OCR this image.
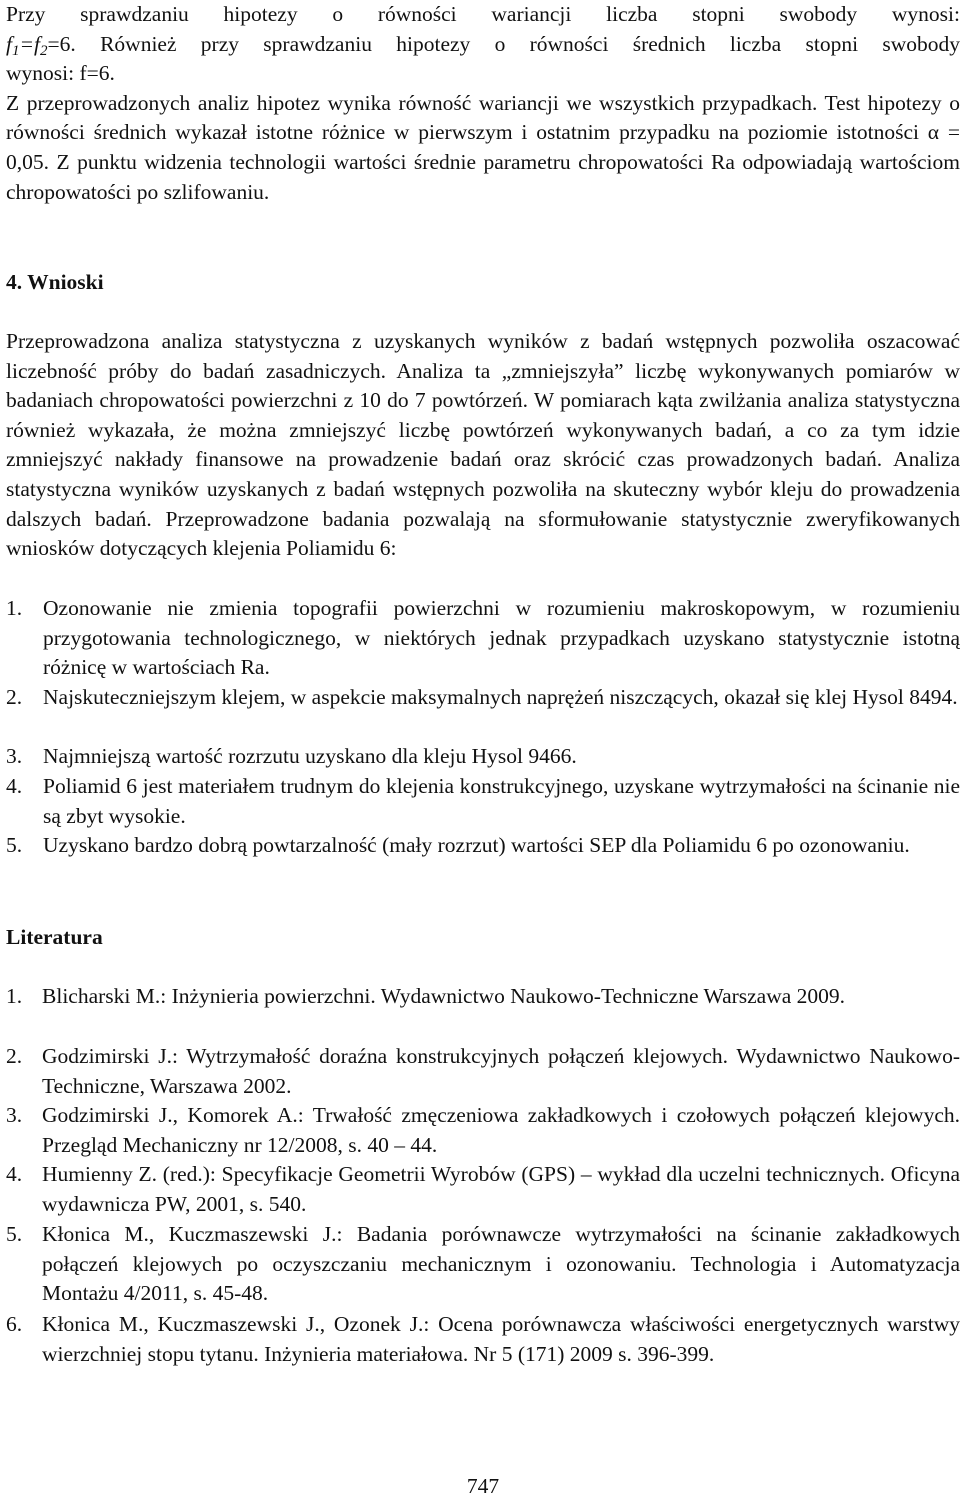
Przy sprawdzaniu hipotezy o równości wariancji liczba stopni swobody wynosi:

$f_1=f_2=6$. Również przy sprawdzaniu hipotezy o równości średnich liczba stopni swobody

wynosi: f=6.

Z przeprowadzonych analiz hipotez wynika równość wariancji we wszystkich przypadkach. Test hipotezy o równości średnich wykazał istotne różnice w pierwszym i ostatnim przypadku na poziomie istotności α = 0,05. Z punktu widzenia technologii wartości średnie parametru chropowatości Ra odpowiadają wartościom chropowatości po szlifowaniu.

4. Wnioski

Przeprowadzona analiza statystyczna z uzyskanych wyników z badań wstępnych pozwoliła oszacować liczebność próby do badań zasadniczych. Analiza ta „zmniejszyła” liczbę wykonywanych pomiarów w badaniach chropowatości powierzchni z 10 do 7 powtórzeń. W pomiarach kąta zwilżania analiza statystyczna również wykazała, że można zmniejszyć liczbę powtórzeń wykonywanych badań, a co za tym idzie zmniejszyć nakłady finansowe na prowadzenie badań oraz skrócić czas prowadzonych badań. Analiza statystyczna wyników uzyskanych z badań wstępnych pozwoliła na skuteczny wybór kleju do prowadzenia dalszych badań. Przeprowadzone badania pozwalają na sformułowanie statystycznie zweryfikowanych wniosków dotyczących klejenia Poliamidu 6:

1. Ozonowanie nie zmienia topografii powierzchni w rozumieniu makroskopowym, w rozumieniu przygotowania technologicznego, w niektórych jednak przypadkach uzyskano statystycznie istotną różnicę w wartościach Ra.

2. Najskuteczniejszym klejem, w aspekcie maksymalnych naprężeń niszczących, okazał się klej Hysol 8494.

3. Najmniejszą wartość rozrzutu uzyskano dla kleju Hysol 9466.

4. Poliamid 6 jest materiałem trudnym do klejenia konstrukcyjnego, uzyskane wytrzymałości na ścinanie nie są zbyt wysokie.

5. Uzyskano bardzo dobrą powtarzalność (mały rozrzut) wartości SEP dla Poliamidu 6 po ozonowaniu.

Literatura

1. Blicharski M.: Inżynieria powierzchni. Wydawnictwo Naukowo-Techniczne Warszawa 2009.

2. Godzimirski J.: Wytrzymałość doraźna konstrukcyjnych połączeń klejowych. Wydawnictwo Naukowo-Techniczne, Warszawa 2002.

3. Godzimirski J., Komorek A.: Trwałość zmęczeniowa zakładkowych i czołowych połączeń klejowych. Przegląd Mechaniczny nr 12/2008, s. 40 – 44.

4. Humienny Z. (red.): Specyfikacje Geometrii Wyrobów (GPS) – wykład dla uczelni technicznych. Oficyna wydawnicza PW, 2001, s. 540.

5. Kłonica M., Kuczmaszewski J.: Badania porównawcze wytrzymałości na ścinanie zakładkowych połączeń klejowych po oczyszczaniu mechanicznym i ozonowaniu. Technologia i Automatyzacja Montażu 4/2011, s. 45-48.

6. Kłonica M., Kuczmaszewski J., Ozonek J.: Ocena porównawcza właściwości energetycznych warstwy wierzchniej stopu tytanu. Inżynieria materiałowa. Nr 5 (171) 2009 s. 396-399.

747
